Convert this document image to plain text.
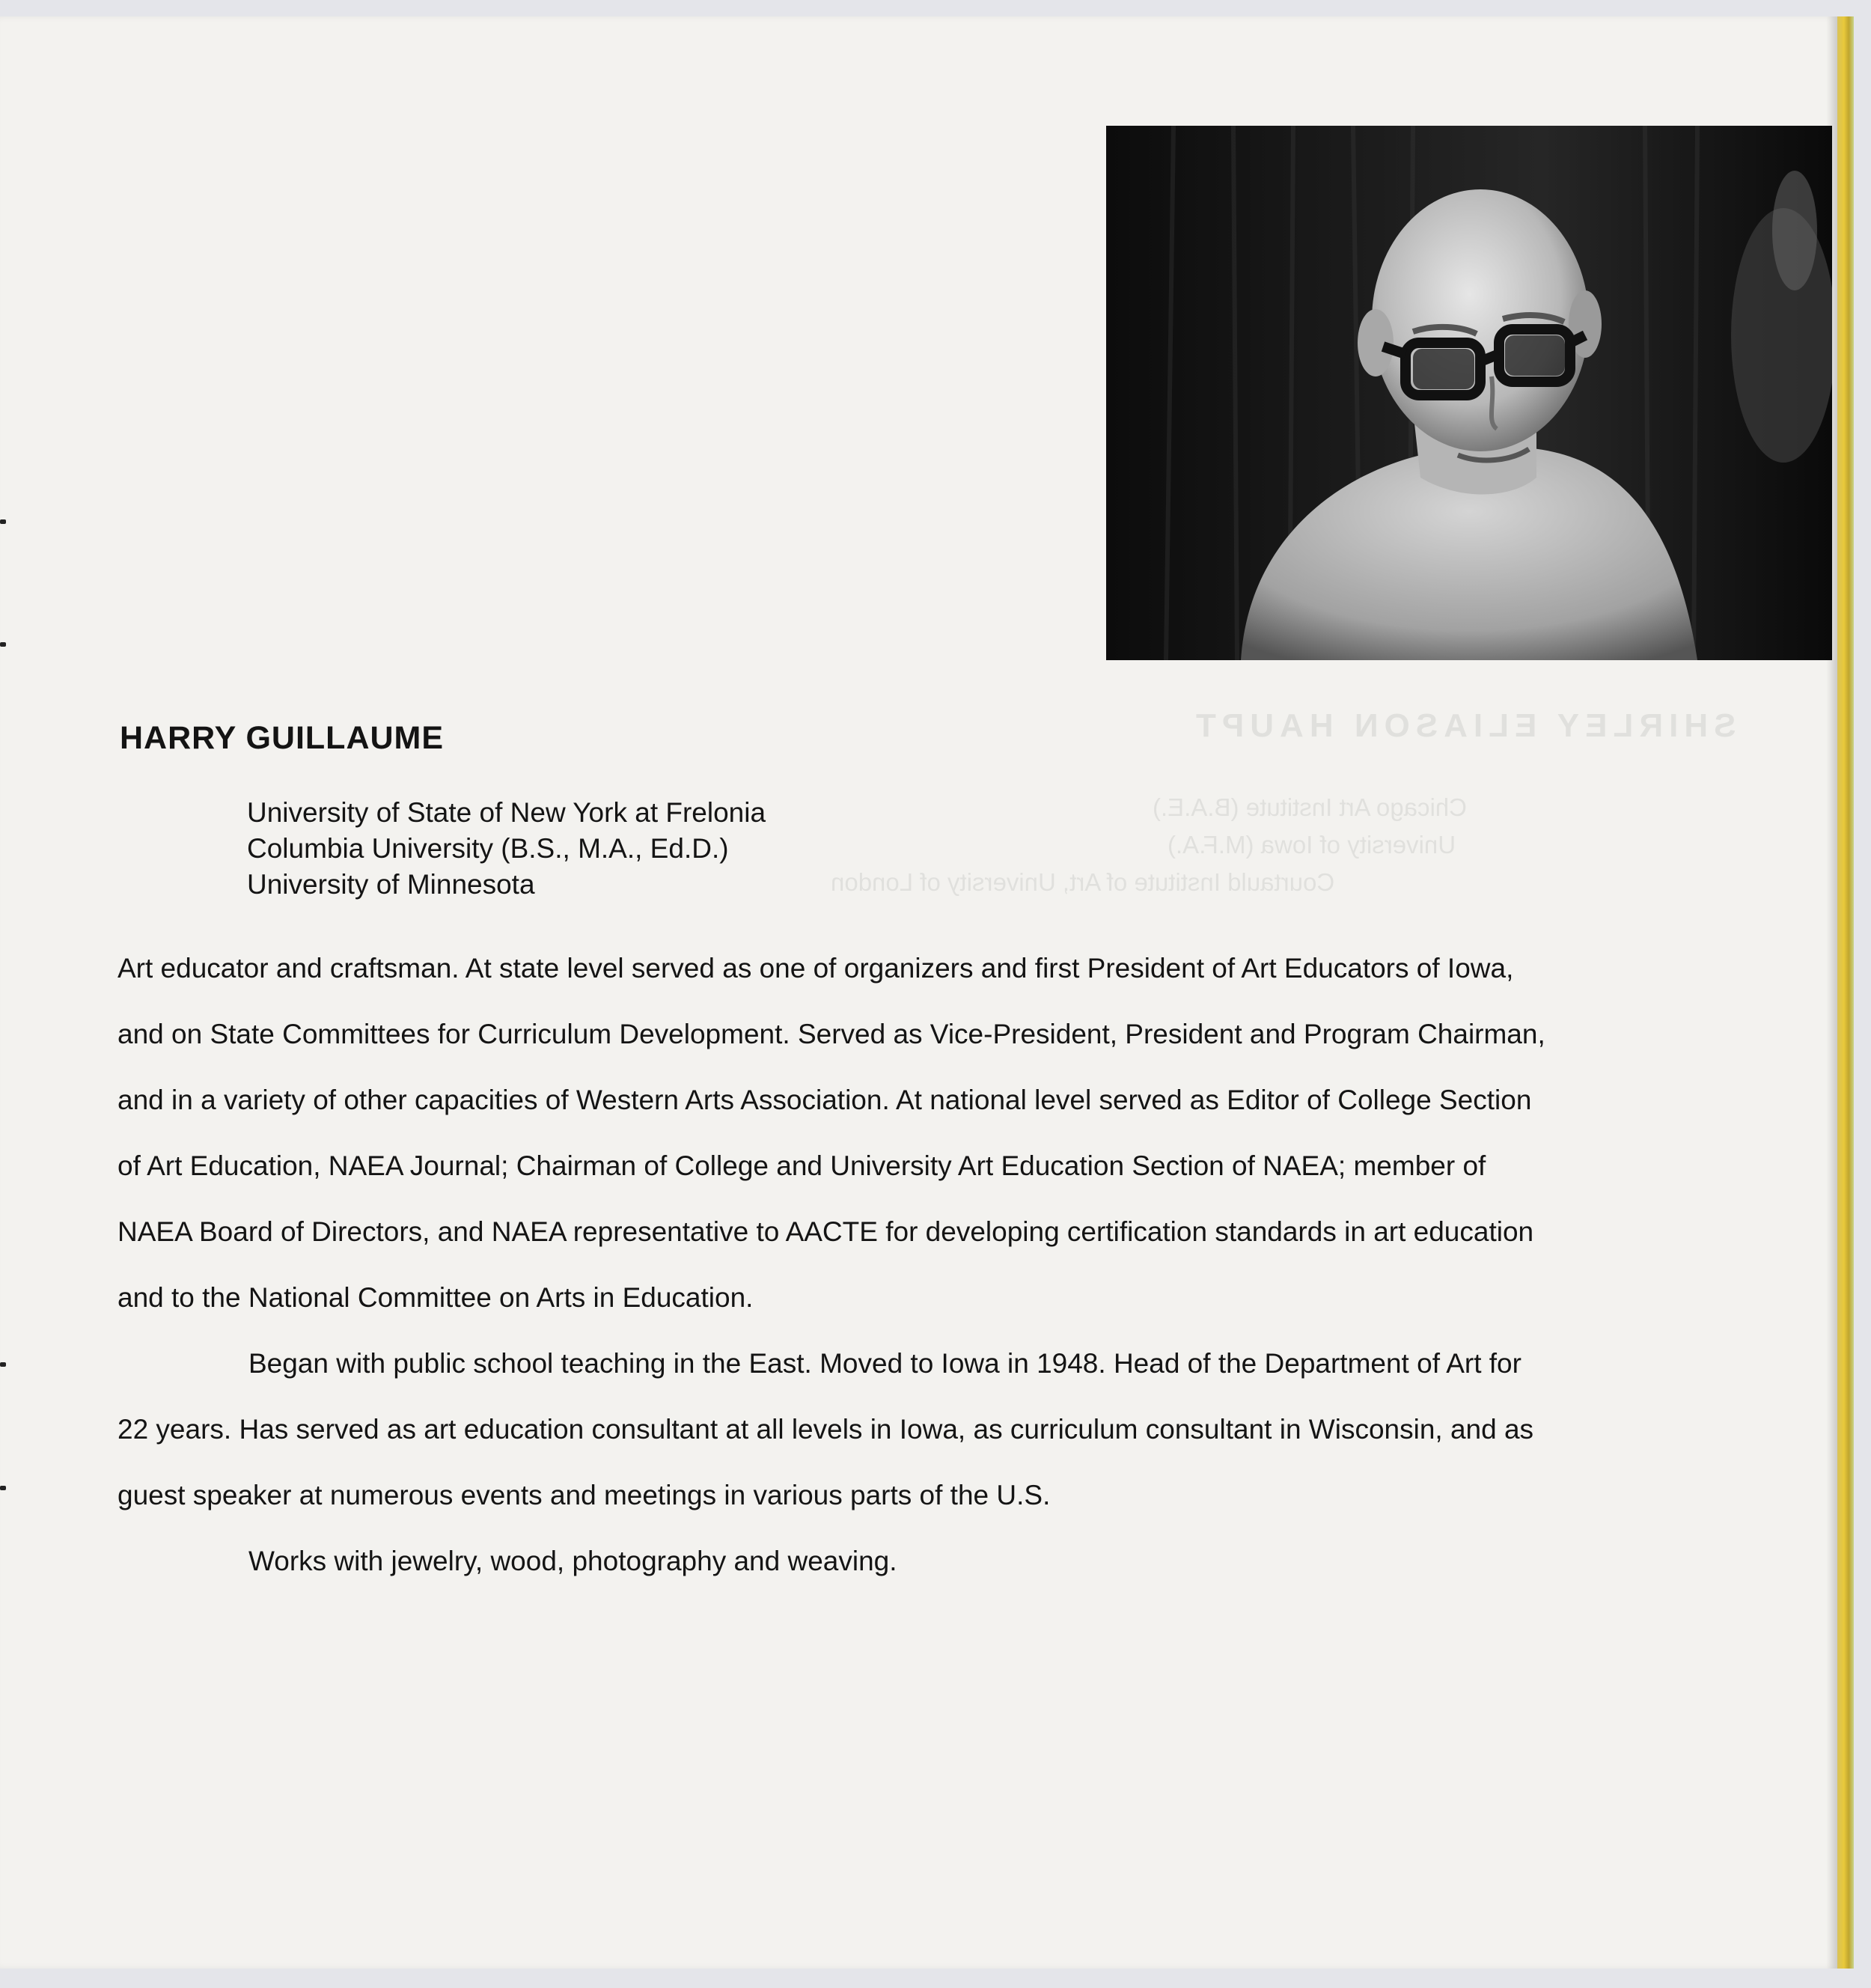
SHIRLEY ELIASON HAUPT
Chicago Art Institute (B.A.E.)
University of Iowa (M.F.A.)
Courtauld Institute of Art, University of London
HARRY GUILLAUME
University of State of New York at Frelonia
Columbia University (B.S., M.A., Ed.D.)
University of Minnesota

Art educator and craftsman. At state level served as one of organizers and first President of Art Educators of Iowa, and on State Committees for Curriculum Development. Served as Vice-President, President and Program Chairman, and in a variety of other capacities of Western Arts Association. At national level served as Editor of College Section of Art Education, NAEA Journal; Chairman of College and University Art Education Section of NAEA; member of NAEA Board of Directors, and NAEA representative to AACTE for developing certification standards in art education and to the National Committee on Arts in Education.

Began with public school teaching in the East. Moved to Iowa in 1948. Head of the Department of Art for 22 years. Has served as art education consultant at all levels in Iowa, as curriculum consultant in Wisconsin, and as guest speaker at numerous events and meetings in various parts of the U.S.

Works with jewelry, wood, photography and weaving.
